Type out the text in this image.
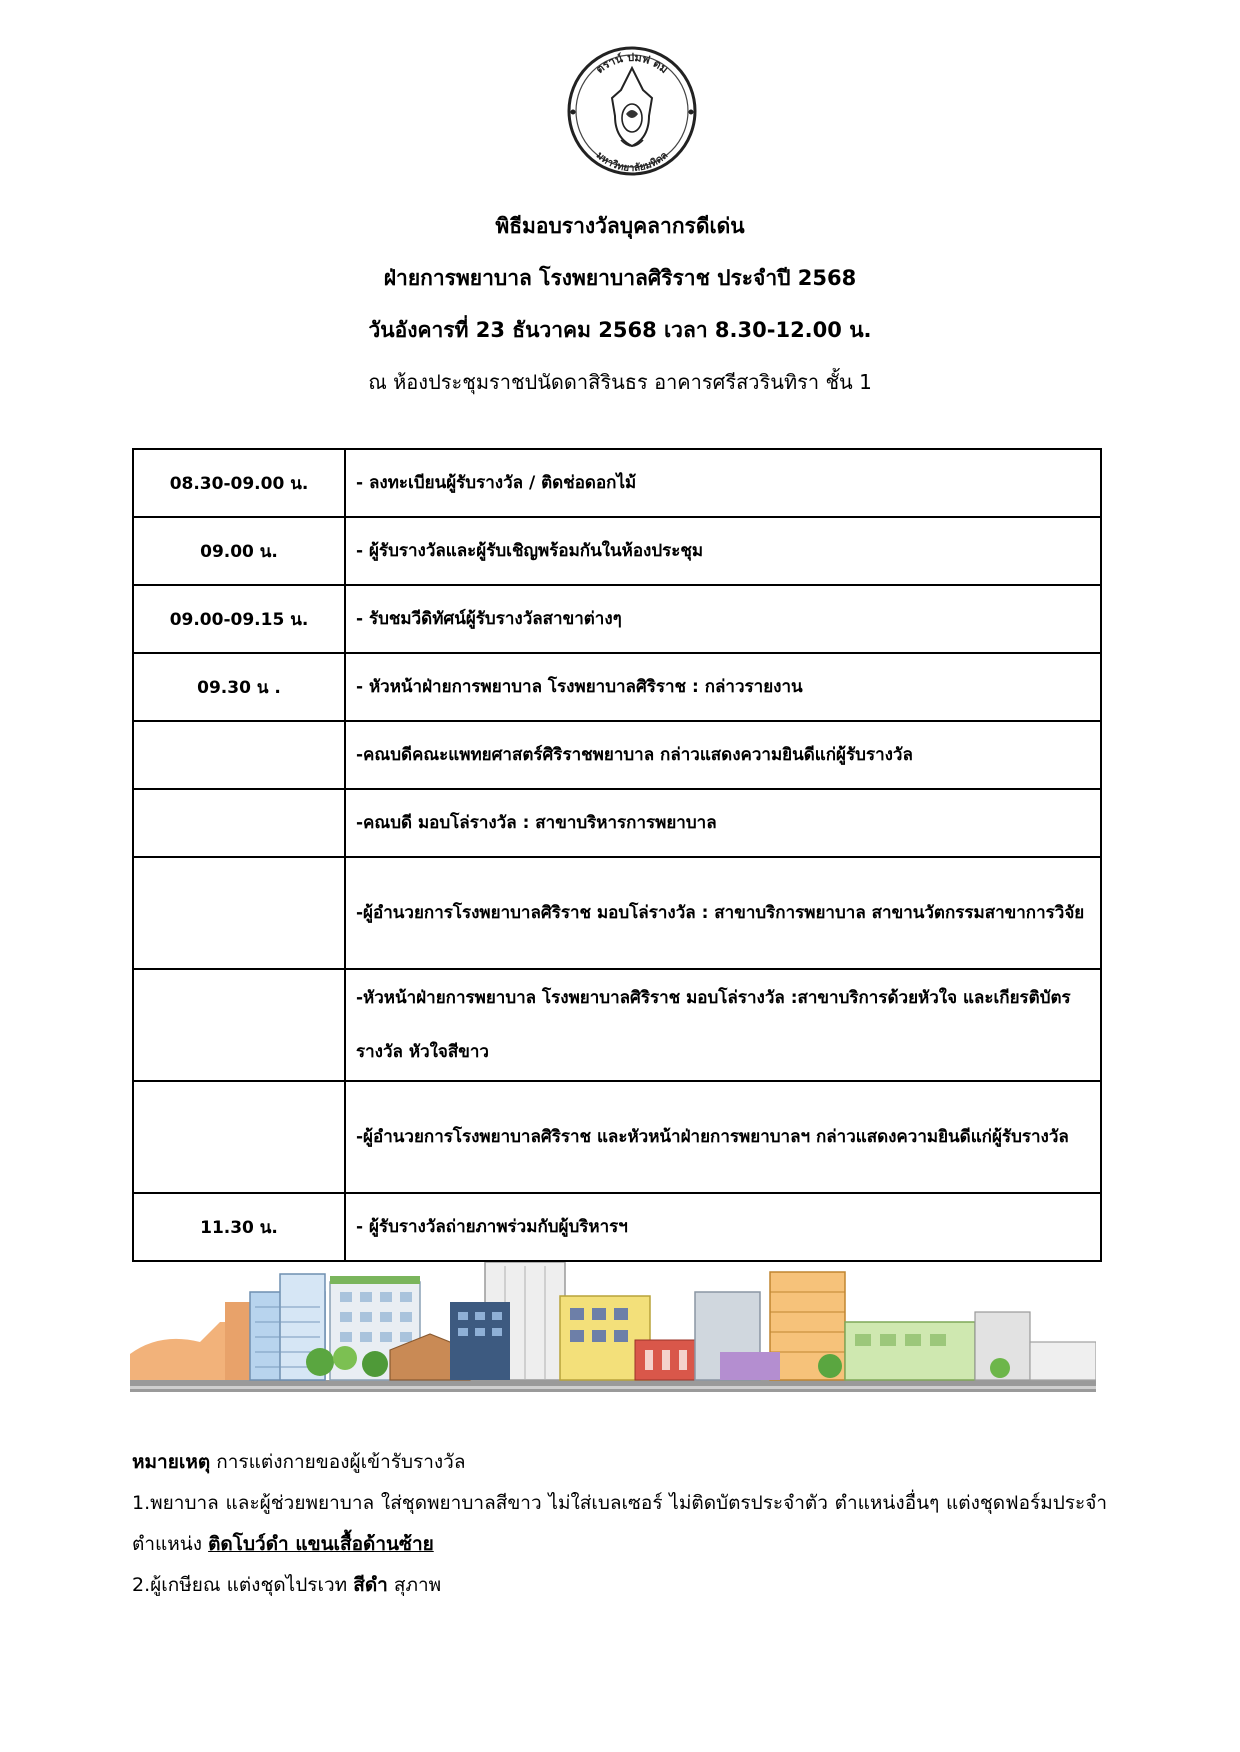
ตราน์ ปมฟ ตม
มหาวิทยาลัยมหิดล
พิธีมอบรางวัลบุคลากรดีเด่น
ฝ่ายการพยาบาล โรงพยาบาลศิริราช ประจำปี 2568
วันอังคารที่ 23 ธันวาคม 2568 เวลา 8.30-12.00 น.
ณ ห้องประชุมราชปนัดดาสิรินธร อาคารศรีสวรินทิรา ชั้น 1
08.30-09.00 น.	- ลงทะเบียนผู้รับรางวัล / ติดช่อดอกไม้
09.00 น.	- ผู้รับรางวัลและผู้รับเชิญพร้อมกันในห้องประชุม
09.00-09.15 น.	- รับชมวีดิทัศน์ผู้รับรางวัลสาขาต่างๆ
09.30 น .	- หัวหน้าฝ่ายการพยาบาล โรงพยาบาลศิริราช : กล่าวรายงาน
	-คณบดีคณะแพทยศาสตร์ศิริราชพยาบาล กล่าวแสดงความยินดีแก่ผู้รับรางวัล
	-คณบดี มอบโล่รางวัล : สาขาบริหารการพยาบาล
	-ผู้อำนวยการโรงพยาบาลศิริราช มอบโล่รางวัล : สาขาบริการพยาบาล สาขานวัตกรรมสาขาการวิจัย
	-หัวหน้าฝ่ายการพยาบาล โรงพยาบาลศิริราช มอบโล่รางวัล :สาขาบริการด้วยหัวใจ และเกียรติบัตร รางวัล หัวใจสีขาว
	-ผู้อำนวยการโรงพยาบาลศิริราช และหัวหน้าฝ่ายการพยาบาลฯ กล่าวแสดงความยินดีแก่ผู้รับรางวัล
11.30 น.	- ผู้รับรางวัลถ่ายภาพร่วมกับผู้บริหารฯ

หมายเหตุ การแต่งกายของผู้เข้ารับรางวัล

1.พยาบาล และผู้ช่วยพยาบาล ใส่ชุดพยาบาลสีขาว ไม่ใส่เบลเซอร์ ไม่ติดบัตรประจำตัว ตำแหน่งอื่นๆ แต่งชุดฟอร์มประจำตำแหน่ง ติดโบว์ดำ แขนเสื้อด้านซ้าย

2.ผู้เกษียณ แต่งชุดไปรเวท สีดำ สุภาพ
